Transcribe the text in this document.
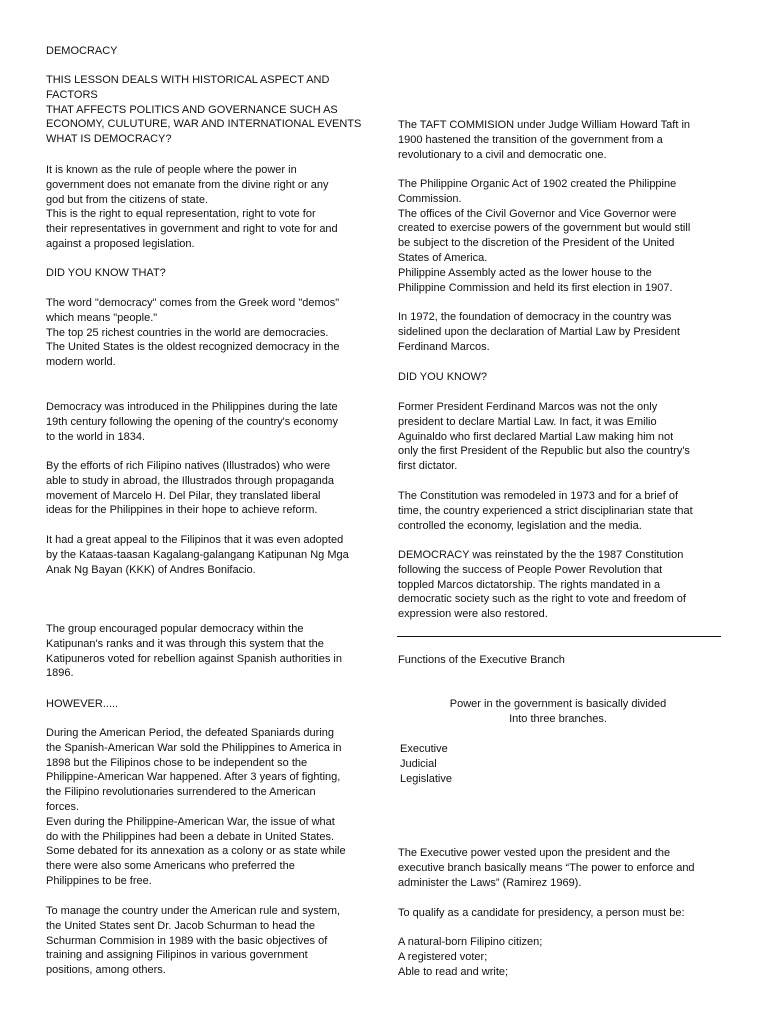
DEMOCRACY

THIS LESSON DEALS WITH HISTORICAL ASPECT AND FACTORS
THAT AFFECTS POLITICS AND GOVERNANCE SUCH AS
ECONOMY, CULUTURE, WAR AND INTERNATIONAL EVENTS

WHAT IS DEMOCRACY?

It is known as the rule of people where the power in
government does not emanate from the divine right or any
god but from the citizens of state.
This is the right to equal representation, right to vote for
their representatives in government and right to vote for and
against a proposed legislation.

DID YOU KNOW THAT?

The word "democracy" comes from the Greek word "demos"
which means "people."
The top 25 richest countries in the world are democracies.
The United States is the oldest recognized democracy in the
modern world.

Democracy was introduced in the Philippines during the late
19th century following the opening of the country's economy
to the world in 1834.

By the efforts of rich Filipino natives (Illustrados) who were
able to study in abroad, the Illustrados through propaganda
movement of Marcelo H. Del Pilar, they translated liberal
ideas for the Philippines in their hope to achieve reform.

It had a great appeal to the Filipinos that it was even adopted
by the Kataas-taasan Kagalang-galangang Katipunan Ng Mga
Anak Ng Bayan (KKK) of Andres Bonifacio.

The group encouraged popular democracy within the
Katipunan's ranks and it was through this system that the
Katipuneros voted for rebellion against Spanish authorities in
1896.

HOWEVER.....

During the American Period, the defeated Spaniards during
the Spanish-American War sold the Philippines to America in
1898 but the Filipinos chose to be independent so the
Philippine-American War happened. After 3 years of fighting,
the Filipino revolutionaries surrendered to the American
forces.
Even during the Philippine-American War, the issue of what
do with the Philippines had been a debate in United States.
Some debated for its annexation as a colony or as state while
there were also some Americans who preferred the
Philippines to be free.

To manage the country under the American rule and system,
the United States sent Dr. Jacob Schurman to head the
Schurman Commision in 1989 with the basic objectives of
training and assigning Filipinos in various government
positions, among others.

The TAFT COMMISION under Judge William Howard Taft in
1900 hastened the transition of the government from a
revolutionary to a civil and democratic one.

The Philippine Organic Act of 1902 created the Philippine
Commission.
The offices of the Civil Governor and Vice Governor were
created to exercise powers of the government but would still
be subject to the discretion of the President of the United
States of America.
Philippine Assembly acted as the lower house to the
Philippine Commission and held its first election in 1907.

In 1972, the foundation of democracy in the country was
sidelined upon the declaration of Martial Law by President
Ferdinand Marcos.

DID YOU KNOW?

Former President Ferdinand Marcos was not the only
president to declare Martial Law. In fact, it was Emilio
Aguinaldo who first declared Martial Law making him not
only the first President of the Republic but also the country's
first dictator.

The Constitution was remodeled in 1973 and for a brief of
time, the country experienced a strict disciplinarian state that
controlled the economy, legislation and the media.

DEMOCRACY was reinstated by the the 1987 Constitution
following the success of People Power Revolution that
toppled Marcos dictatorship. The rights mandated in a
democratic society such as the right to vote and freedom of
expression were also restored.

Functions of the Executive Branch

Power in the government is basically divided
Into three branches.

Executive
Judicial
Legislative

The Executive power vested upon the president and the
executive branch basically means “The power to enforce and
administer the Laws” (Ramirez 1969).

To qualify as a candidate for presidency, a person must be:

A natural-born Filipino citizen;
A registered voter;
Able to read and write;
